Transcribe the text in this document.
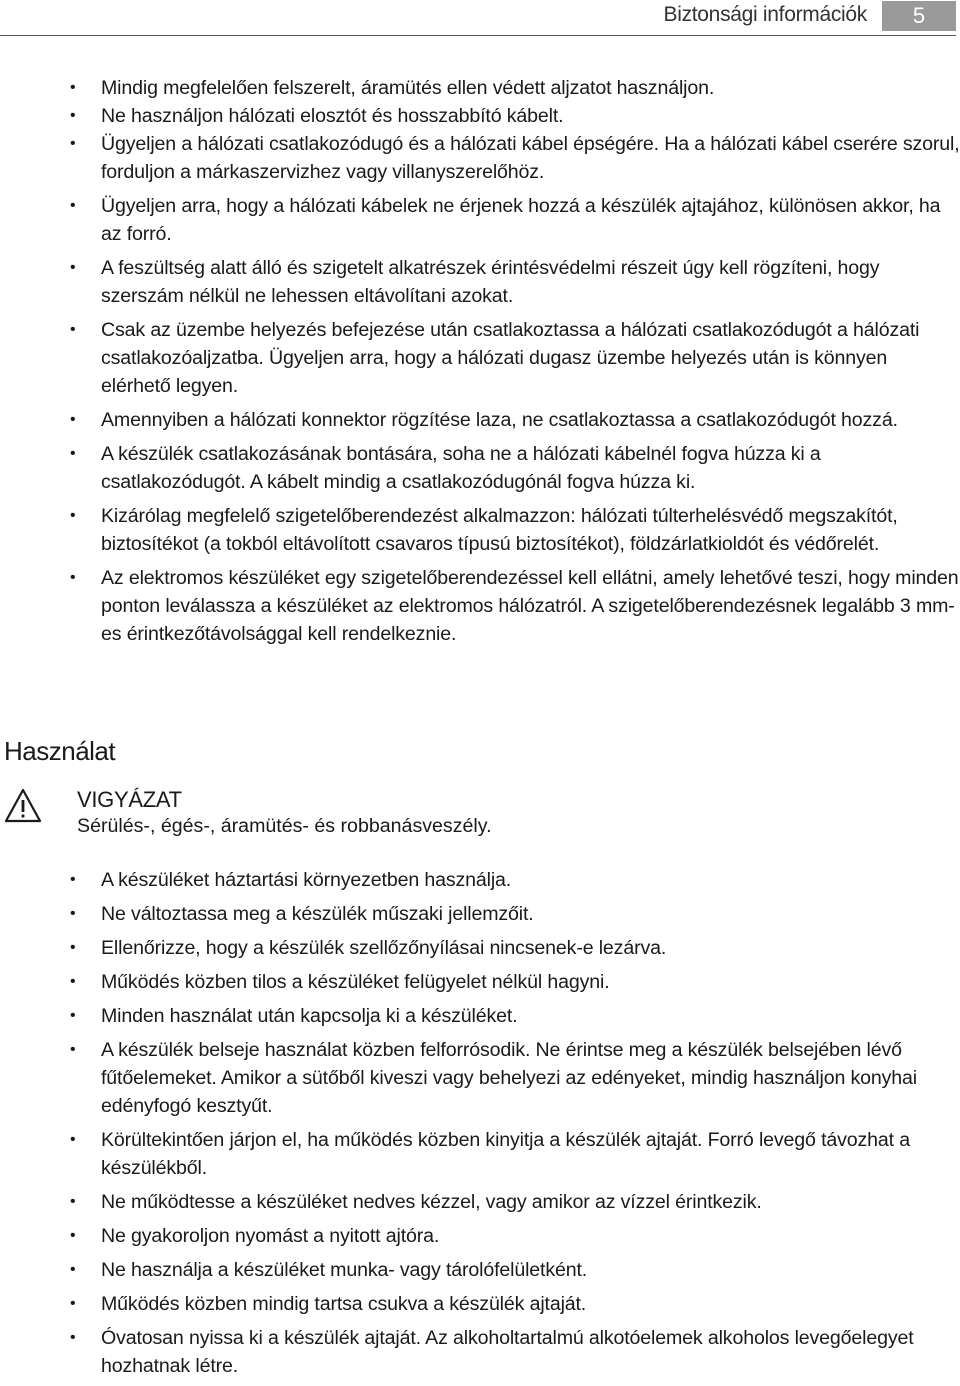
Biztonsági információk	5
• Mindig megfelelően felszerelt, áramütés ellen védett aljzatot használjon.
• Ne használjon hálózati elosztót és hosszabbító kábelt.
• Ügyeljen a hálózati csatlakozódugó és a hálózati kábel épségére. Ha a hálózati kábel cserére szorul, forduljon a márkaszervizhez vagy villanyszerelőhöz.
• Ügyeljen arra, hogy a hálózati kábelek ne érjenek hozzá a készülék ajtajához, különösen akkor, ha az forró.
• A feszültség alatt álló és szigetelt alkatrészek érintésvédelmi részeit úgy kell rögzíteni, hogy szerszám nélkül ne lehessen eltávolítani azokat.
• Csak az üzembe helyezés befejezése után csatlakoztassa a hálózati csatlakozódugót a hálózati csatlakozóaljzatba. Ügyeljen arra, hogy a hálózati dugasz üzembe helyezés után is könnyen elérhető legyen.
• Amennyiben a hálózati konnektor rögzítése laza, ne csatlakoztassa a csatlakozódugót hozzá.
• A készülék csatlakozásának bontására, soha ne a hálózati kábelnél fogva húzza ki a csatlakozódugót. A kábelt mindig a csatlakozódugónál fogva húzza ki.
• Kizárólag megfelelő szigetelőberendezést alkalmazzon: hálózati túlterhelésvédő megszakítót, biztosítékot (a tokból eltávolított csavaros típusú biztosítékot), földzárlatkioldót és védőrelét.
• Az elektromos készüléket egy szigetelőberendezéssel kell ellátni, amely lehetővé teszi, hogy minden ponton leválassza a készüléket az elektromos hálózatról. A szigetelőberendezésnek legalább 3 mm-es érintkezőtávolsággal kell rendelkeznie.
Használat
VIGYÁZAT
Sérülés-, égés-, áramütés- és robbanásveszély.
• A készüléket háztartási környezetben használja.
• Ne változtassa meg a készülék műszaki jellemzőit.
• Ellenőrizze, hogy a készülék szellőzőnyílásai nincsenek-e lezárva.
• Működés közben tilos a készüléket felügyelet nélkül hagyni.
• Minden használat után kapcsolja ki a készüléket.
• A készülék belseje használat közben felforrósodik. Ne érintse meg a készülék belsejében lévő fűtőelemeket. Amikor a sütőből kiveszi vagy behelyezi az edényeket, mindig használjon konyhai edényfogó kesztyűt.
• Körültekintően járjon el, ha működés közben kinyitja a készülék ajtaját. Forró levegő távozhat a készülékből.
• Ne működtesse a készüléket nedves kézzel, vagy amikor az vízzel érintkezik.
• Ne gyakoroljon nyomást a nyitott ajtóra.
• Ne használja a készüléket munka- vagy tárolófelületként.
• Működés közben mindig tartsa csukva a készülék ajtaját.
• Óvatosan nyissa ki a készülék ajtaját. Az alkoholtartalmú alkotóelemek alkoholos levegőelegyet hozhatnak létre.
